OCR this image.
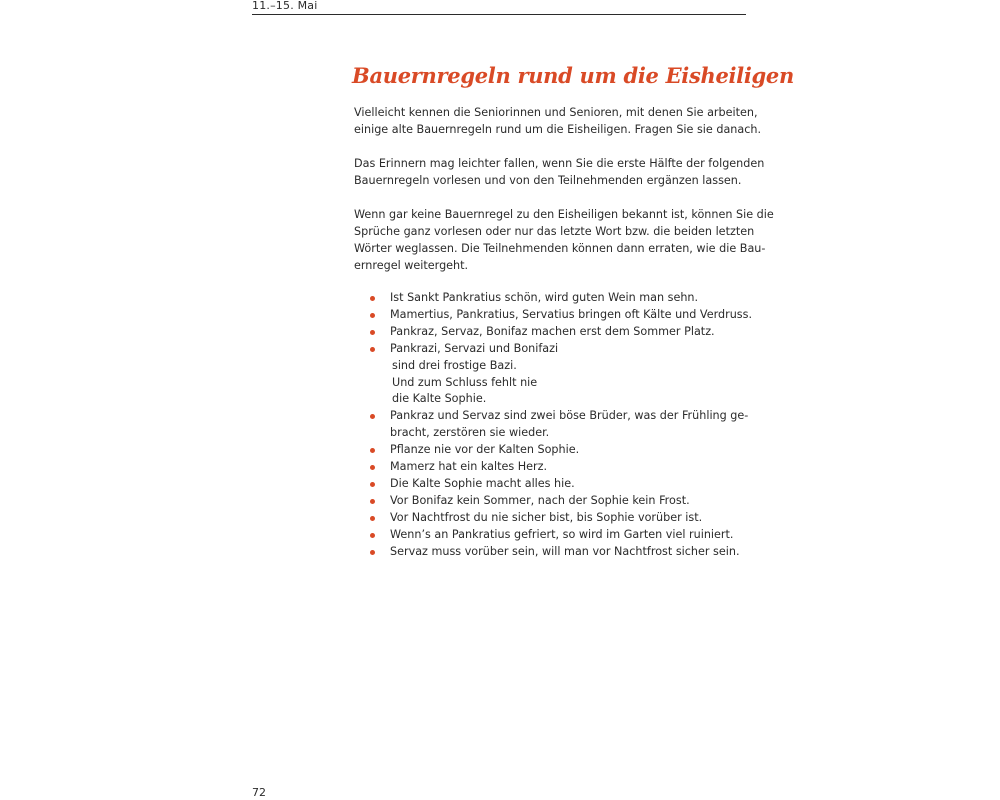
11.–15. Mai
Bauernregeln rund um die Eisheiligen

Vielleicht kennen die Seniorinnen und Senioren, mit denen Sie arbeiten,
einige alte Bauernregeln rund um die Eisheiligen. Fragen Sie sie danach.

Das Erinnern mag leichter fallen, wenn Sie die erste Hälfte der folgenden
Bauernregeln vorlesen und von den Teilnehmenden ergänzen lassen.

Wenn gar keine Bauernregel zu den Eisheiligen bekannt ist, können Sie die
Sprüche ganz vorlesen oder nur das letzte Wort bzw. die beiden letzten
Wörter weglassen. Die Teilnehmenden können dann erraten, wie die Bau-
ernregel weitergeht.

Ist Sankt Pankratius schön, wird guten Wein man sehn.
Mamertius, Pankratius, Servatius bringen oft Kälte und Verdruss.
Pankraz, Servaz, Bonifaz machen erst dem Sommer Platz.
Pankrazi, Servazi und Bonifazi
sind drei frostige Bazi.
Und zum Schluss fehlt nie
die Kalte Sophie.
Pankraz und Servaz sind zwei böse Brüder, was der Frühling ge-
bracht, zerstören sie wieder.
Pflanze nie vor der Kalten Sophie.
Mamerz hat ein kaltes Herz.
Die Kalte Sophie macht alles hie.
Vor Bonifaz kein Sommer, nach der Sophie kein Frost.
Vor Nachtfrost du nie sicher bist, bis Sophie vorüber ist.
Wenn’s an Pankratius gefriert, so wird im Garten viel ruiniert.
Servaz muss vorüber sein, will man vor Nachtfrost sicher sein.
72
